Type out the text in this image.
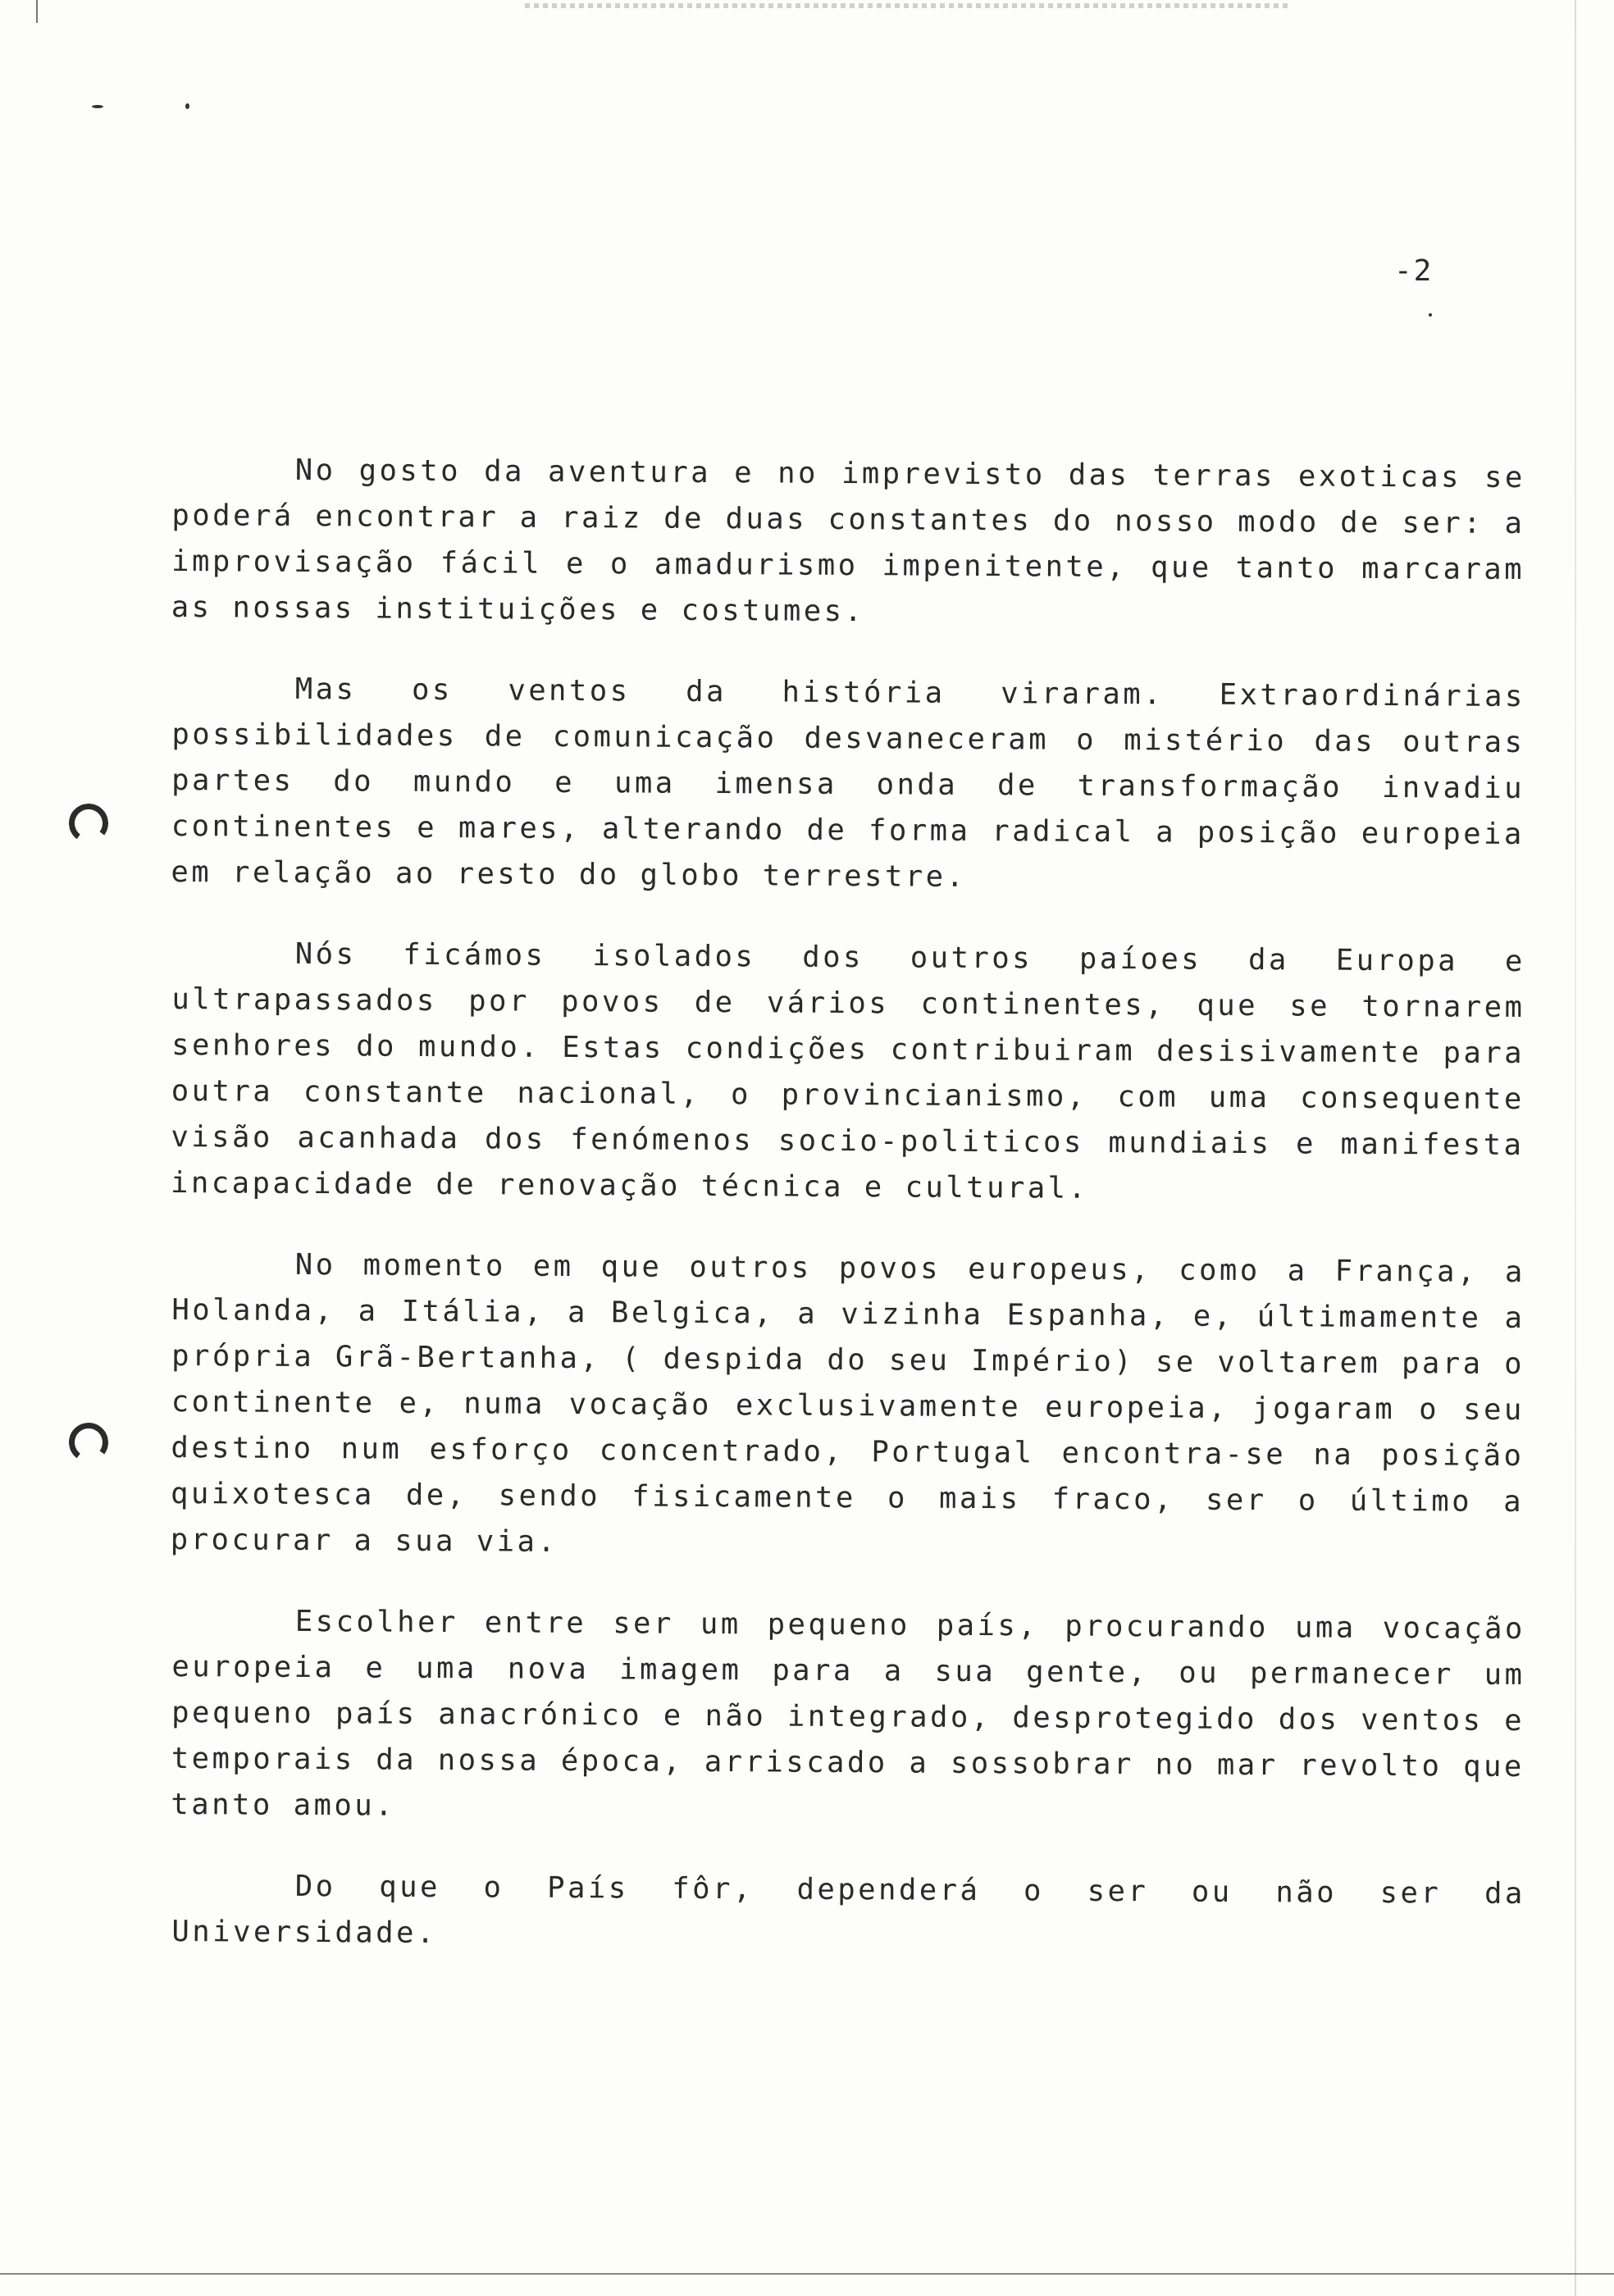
-2

No gosto da aventura e no imprevisto das terras exoticas se poderá encontrar a raiz de duas constantes do nosso modo de ser: a improvisação fácil e o amadurismo impenitente, que tanto marcaram as nossas instituições e costumes.

Mas os ventos da história viraram. Extraordinárias possibilidades de comunicação desvaneceram o mistério das outras partes do mundo e uma imensa onda de transformação invadiu continentes e mares, alterando de forma radical a posição europeia em relação ao resto do globo terrestre.

Nós ficámos isolados dos outros paíoes da Europa e ultrapassados por povos de vários continentes, que se tornarem senhores do mundo. Estas condições contribuiram desisivamente para outra constante nacional, o provincianismo, com uma consequente visão acanhada dos fenómenos socio-politicos mundiais e manifesta incapacidade de renovação técnica e cultural.

No momento em que outros povos europeus, como a França, a Holanda, a Itália, a Belgica, a vizinha Espanha, e, últimamente a própria Grã-Bertanha, ( despida do seu Império) se voltarem para o continente e, numa vocação exclusivamente europeia, jogaram o seu destino num esforço concentrado, Portugal encontra-se na posição quixotesca de, sendo fisicamente o mais fraco, ser o último a procurar a sua via.

Escolher entre ser um pequeno país, procurando uma vocação europeia e uma nova imagem para a sua gente, ou permanecer um pequeno país anacrónico e não integrado, desprotegido dos ventos e temporais da nossa época, arriscado a sossobrar no mar revolto que tanto amou.

Do que o País fôr, dependerá o ser ou não ser da Universidade.
